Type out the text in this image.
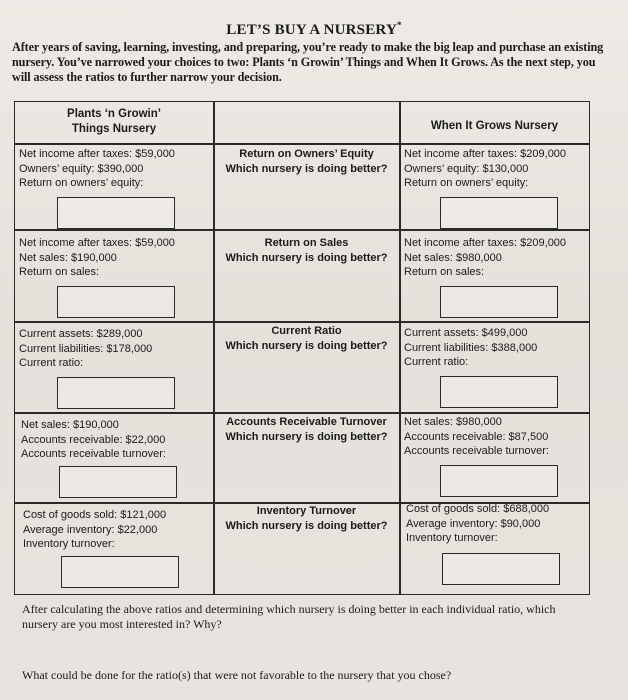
LET’S BUY A NURSERY*
After years of saving, learning, investing, and preparing, you’re ready to make the big leap and purchase an existing nursery. You’ve narrowed your choices to two: Plants ‘n Growin’ Things and When It Grows. As the next step, you will assess the ratios to further narrow your decision.
Plants ‘n Growin’
Things Nursery	When It Grows Nursery
Net income after taxes: $59,000
Owners’ equity: $390,000
Return on owners’ equity:
Return on Owners’ Equity
Which nursery is doing better?
Net income after taxes: $209,000
Owners’ equity: $130,000
Return on owners’ equity:
Net income after taxes: $59,000
Net sales: $190,000
Return on sales:
Return on Sales
Which nursery is doing better?
Net income after taxes: $209,000
Net sales: $980,000
Return on sales:
Current assets: $289,000
Current liabilities: $178,000
Current ratio:
Current Ratio
Which nursery is doing better?
Current assets: $499,000
Current liabilities: $388,000
Current ratio:
Net sales: $190,000
Accounts receivable: $22,000
Accounts receivable turnover:
Accounts Receivable Turnover
Which nursery is doing better?
Net sales: $980,000
Accounts receivable: $87,500
Accounts receivable turnover:
Cost of goods sold: $121,000
Average inventory: $22,000
Inventory turnover:
Inventory Turnover
Which nursery is doing better?
Cost of goods sold: $688,000
Average inventory: $90,000
Inventory turnover:
After calculating the above ratios and determining which nursery is doing better in each individual ratio, which nursery are you most interested in? Why?
What could be done for the ratio(s) that were not favorable to the nursery that you chose?
